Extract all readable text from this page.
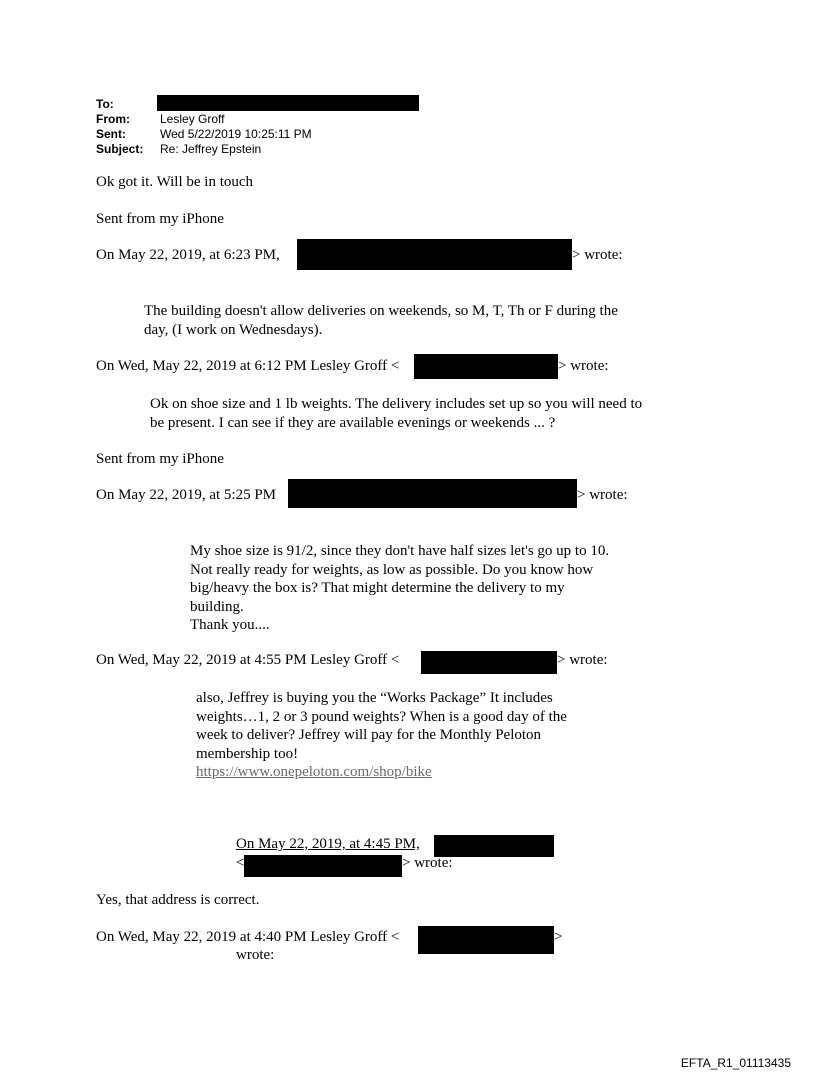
To:
From:	Lesley Groff
Sent:	Wed 5/22/2019 10:25:11 PM
Subject: Re: Jeffrey Epstein
Ok got it. Will be in touch
Sent from my iPhone
On May 22, 2019, at 6:23 PM,	> wrote:
The building doesn't allow deliveries on weekends, so M, T, Th or F during the
day, (I work on Wednesdays).
On Wed, May 22, 2019 at 6:12 PM Lesley Groff <	> wrote:
Ok on shoe size and 1 lb weights. The delivery includes set up so you will need to
be present. I can see if they are available evenings or weekends ... ?
Sent from my iPhone
On May 22, 2019, at 5:25 PM	> wrote:
My shoe size is 91/2, since they don't have half sizes let's go up to 10.
Not really ready for weights, as low as possible. Do you know how
big/heavy the box is? That might determine the delivery to my
building.
Thank you....
On Wed, May 22, 2019 at 4:55 PM Lesley Groff <	> wrote:
also, Jeffrey is buying you the “Works Package” It includes
weights…1, 2 or 3 pound weights? When is a good day of the
week to deliver? Jeffrey will pay for the Monthly Peloton
membership too!
https://www.onepeloton.com/shop/bike
On May 22, 2019, at 4:45 PM,
<	> wrote:
Yes, that address is correct.
On Wed, May 22, 2019 at 4:40 PM Lesley Groff <	>
wrote:
EFTA_R1_01113435
